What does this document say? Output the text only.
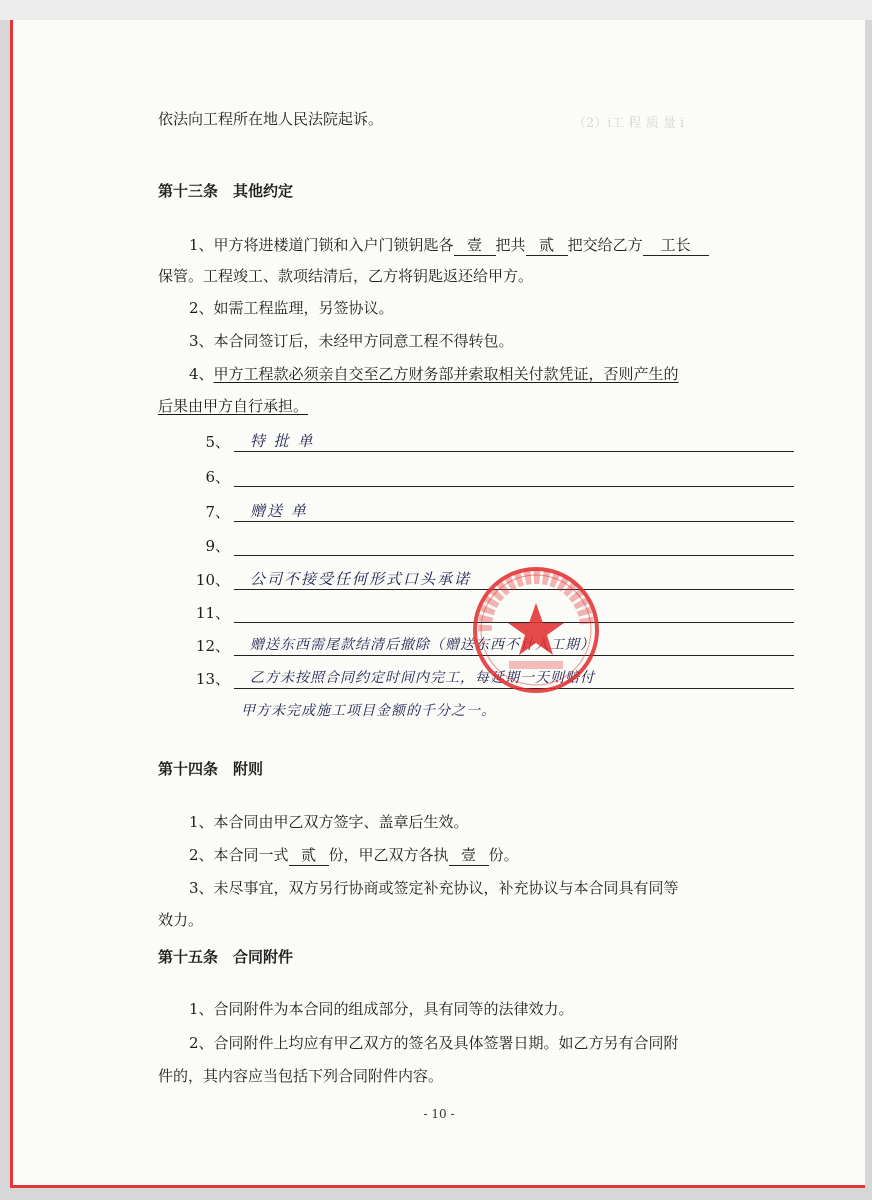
（2）ⅰ工 程 质 量 ⅰ

依法向工程所在地人民法院起诉。
第十三条　其他约定
1、甲方将进楼道门锁和入户门锁钥匙各 壹 把共 贰 把交给乙方 工长
保管。工程竣工、款项结清后，乙方将钥匙返还给甲方。
2、如需工程监理，另签协议。
3、本合同签订后，未经甲方同意工程不得转包。
4、甲方工程款必须亲自交至乙方财务部并索取相关付款凭证，否则产生的
后果由甲方自行承担。
5、 特 批 单
6、
7、 赠送 单
9、
10、 公司不接受任何形式口头承诺
11、
12、 赠送东西需尾款结清后撤除（赠送东西不计入工期）
13、 乙方未按照合同约定时间内完工，每延期一天则赔付
甲方未完成施工项目金额的千分之一。
第十四条　附则
1、本合同由甲乙双方签字、盖章后生效。
2、本合同一式 贰 份，甲乙双方各执 壹 份。
3、未尽事宜，双方另行协商或签定补充协议，补充协议与本合同具有同等
效力。
第十五条　合同附件
1、合同附件为本合同的组成部分，具有同等的法律效力。
2、合同附件上均应有甲乙双方的签名及具体签署日期。如乙方另有合同附
件的，其内容应当包括下列合同附件内容。
- 10 -
